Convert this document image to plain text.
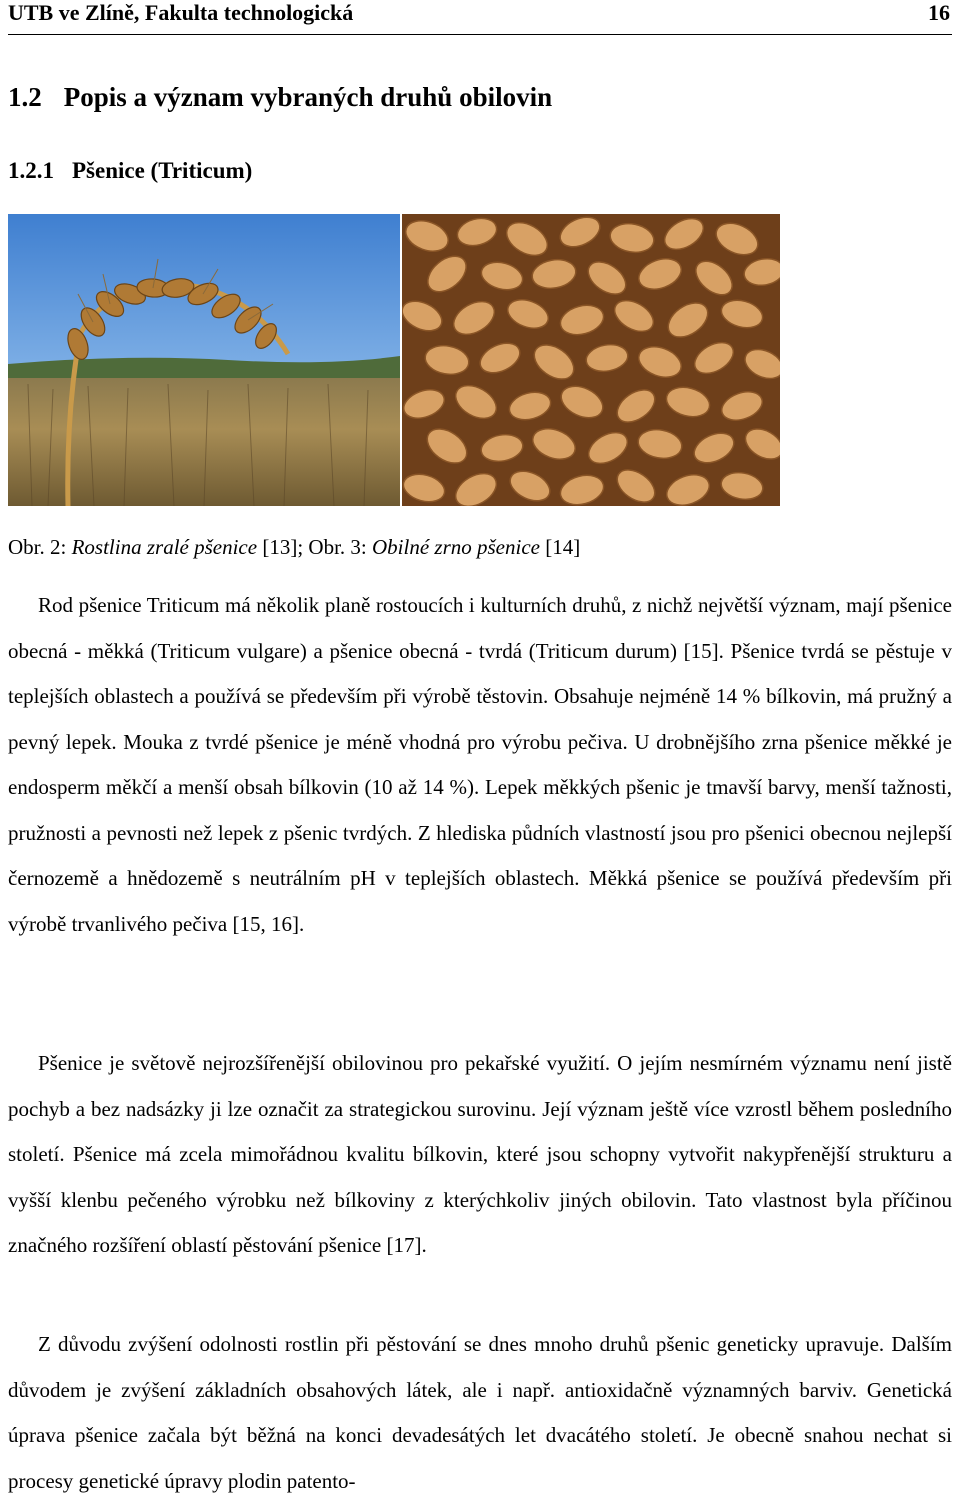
UTB ve Zlíně, Fakulta technologická	16
1.2 Popis a význam vybraných druhů obilovin
1.2.1 Pšenice (Triticum)
Obr. 2: Rostlina zralé pšenice [13]; Obr. 3: Obilné zrno pšenice [14]

Rod pšenice Triticum má několik planě rostoucích i kulturních druhů, z nichž největší význam, mají pšenice obecná - měkká (Triticum vulgare) a pšenice obecná - tvrdá (Triticum durum) [15]. Pšenice tvrdá se pěstuje v teplejších oblastech a používá se především při výrobě těstovin. Obsahuje nejméně 14 % bílkovin, má pružný a pevný lepek. Mouka z tvrdé pšenice je méně vhodná pro výrobu pečiva. U drobnějšího zrna pšenice měkké je endosperm měkčí a menší obsah bílkovin (10 až 14 %). Lepek měkkých pšenic je tmavší barvy, menší tažnosti, pružnosti a pevnosti než lepek z pšenic tvrdých. Z hlediska půdních vlastností jsou pro pšenici obecnou nejlepší černozemě a hnědozemě s neutrálním pH v teplejších oblastech. Měkká pšenice se používá především při výrobě trvanlivého pečiva [15, 16].

Pšenice je světově nejrozšířenější obilovinou pro pekařské využití. O jejím nesmírném významu není jistě pochyb a bez nadsázky ji lze označit za strategickou surovinu. Její význam ještě více vzrostl během posledního století. Pšenice má zcela mimořádnou kvalitu bílkovin, které jsou schopny vytvořit nakypřenější strukturu a vyšší klenbu pečeného výrobku než bílkoviny z kterýchkoliv jiných obilovin. Tato vlastnost byla příčinou značného rozšíření oblastí pěstování pšenice [17].

Z důvodu zvýšení odolnosti rostlin při pěstování se dnes mnoho druhů pšenic geneticky upravuje. Dalším důvodem je zvýšení základních obsahových látek, ale i např. antioxidačně významných barviv. Genetická úprava pšenice začala být běžná na konci devadesátých let dvacátého století. Je obecně snahou nechat si procesy genetické úpravy plodin patento-
